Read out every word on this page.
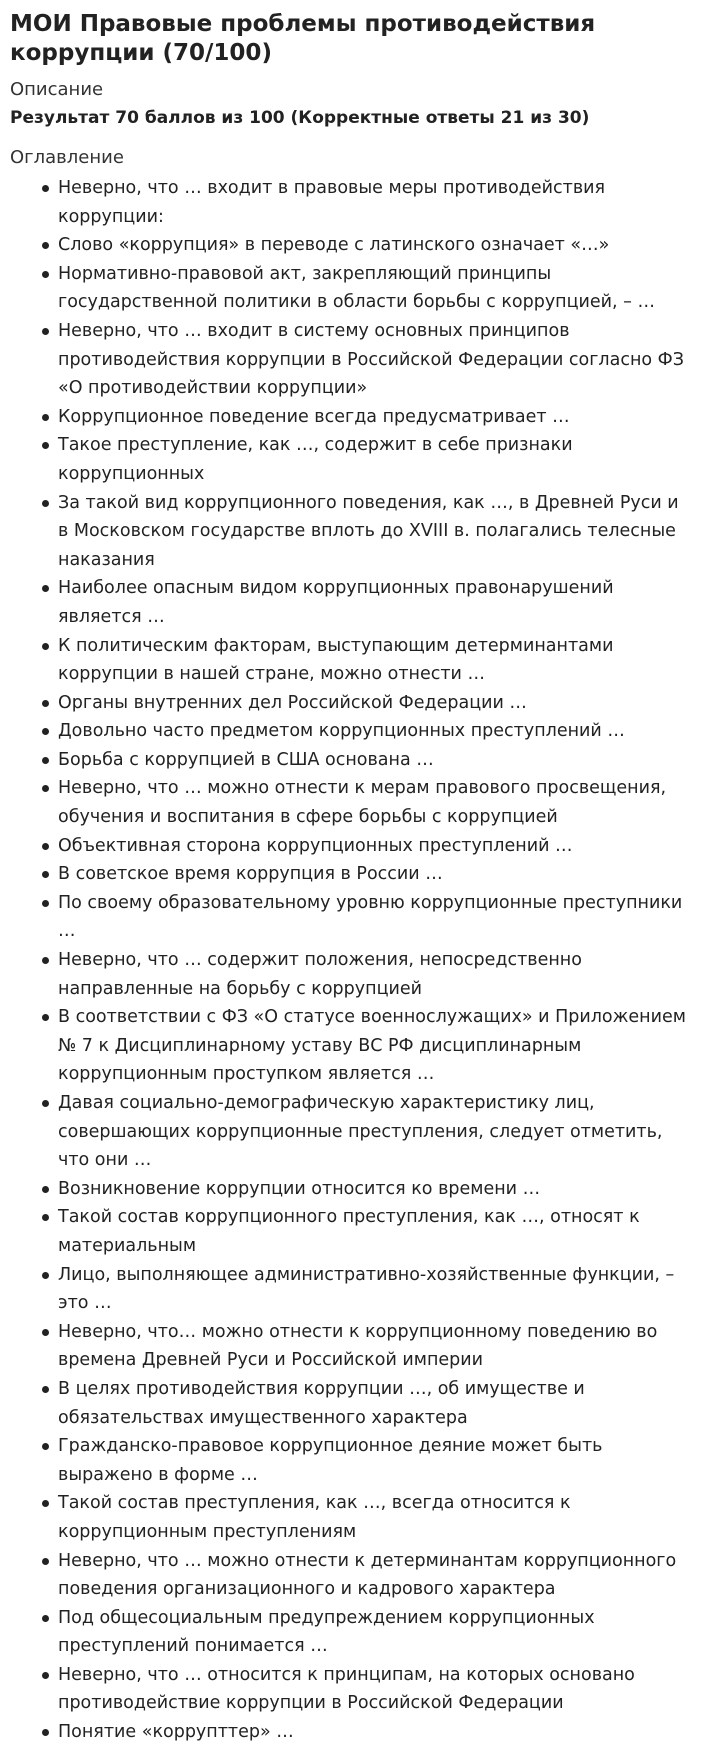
МОИ Правовые проблемы противодействия коррупции (70/100)

Описание

Результат 70 баллов из 100 (Корректные ответы 21 из 30)

Оглавление

Неверно, что … входит в правовые меры противодействия коррупции:
Слово «коррупция» в переводе с латинского означает «…»
Нормативно-правовой акт, закрепляющий принципы государственной политики в области борьбы с коррупцией, – …
Неверно, что … входит в систему основных принципов противодействия коррупции в Российской Федерации согласно ФЗ «О противодействии коррупции»
Коррупционное поведение всегда предусматривает …
Такое преступление, как …, содержит в себе признаки коррупционных
За такой вид коррупционного поведения, как …, в Древней Руси и в Московском государстве вплоть до XVIII в. полагались телесные наказания
Наиболее опасным видом коррупционных правонарушений является …
К политическим факторам, выступающим детерминантами коррупции в нашей стране, можно отнести …
Органы внутренних дел Российской Федерации …
Довольно часто предметом коррупционных преступлений …
Борьба с коррупцией в США основана …
Неверно, что … можно отнести к мерам правового просвещения, обучения и воспитания в сфере борьбы с коррупцией
Объективная сторона коррупционных преступлений …
В советское время коррупция в России …
По своему образовательному уровню коррупционные преступники …
Неверно, что … содержит положения, непосредственно направленные на борьбу с коррупцией
В соответствии с ФЗ «О статусе военнослужащих» и Приложением № 7 к Дисциплинарному уставу ВС РФ дисциплинарным коррупционным проступком является …
Давая социально-демографическую характеристику лиц, совершающих коррупционные преступления, следует отметить, что они …
Возникновение коррупции относится ко времени …
Такой состав коррупционного преступления, как …, относят к материальным
Лицо, выполняющее административно-хозяйственные функции, – это …
Неверно, что… можно отнести к коррупционному поведению во времена Древней Руси и Российской империи
В целях противодействия коррупции …, об имуществе и обязательствах имущественного характера
Гражданско-правовое коррупционное деяние может быть выражено в форме …
Такой состав преступления, как …, всегда относится к коррупционным преступлениям
Неверно, что … можно отнести к детерминантам коррупционного поведения организационного и кадрового характера
Под общесоциальным предупреждением коррупционных преступлений понимается …
Неверно, что … относится к принципам, на которых основано противодействие коррупции в Российской Федерации
Понятие «коррупттер» …
